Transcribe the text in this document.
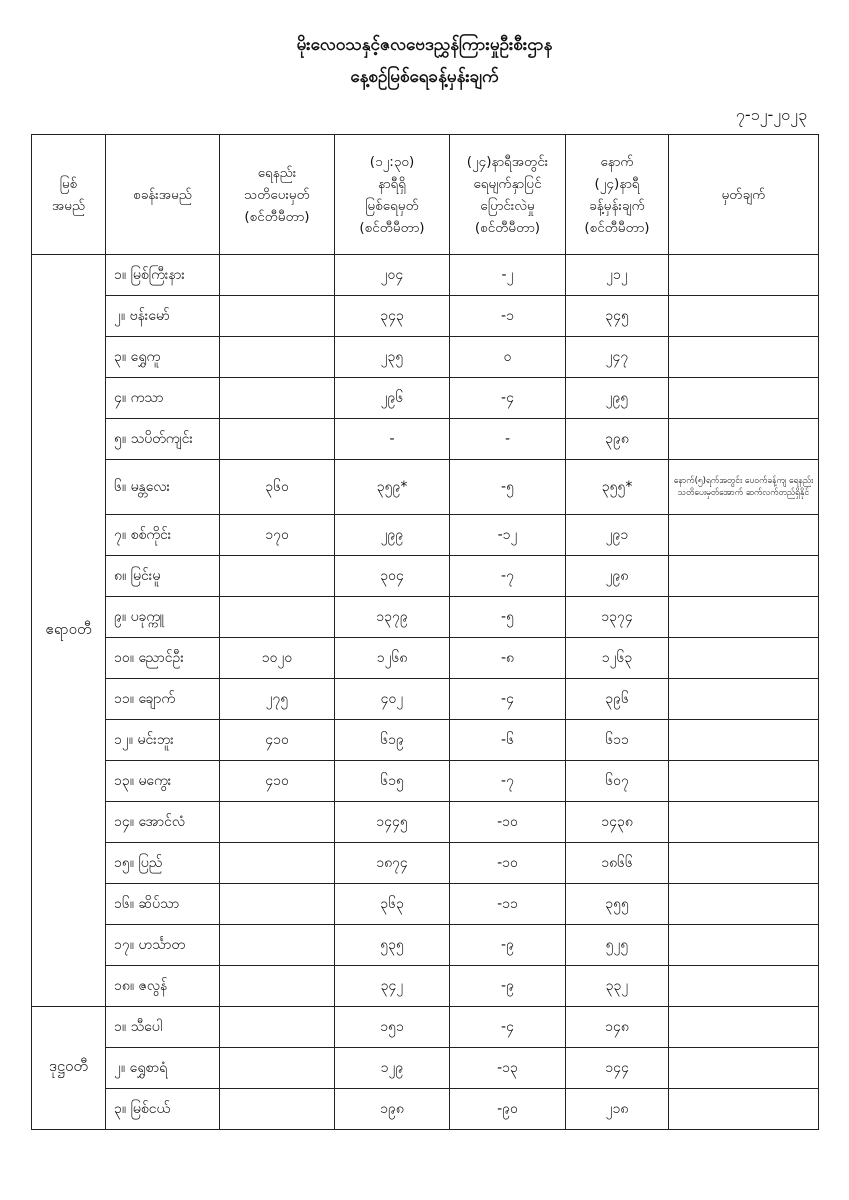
မိုးလေဝသနှင့်ဇလဗေဒညွှန်ကြားမှုဦးစီးဌာန
နေ့စဉ်မြစ်ရေခန့်မှန်းချက်
၇-၁၂-၂၀၂၃
မြစ်
အမည်	စခန်းအမည်	ရေနည်း
သတိပေးမှတ်
(စင်တီမီတာ)	(၁၂:၃၀)
နာရီရှိ
မြစ်ရေမှတ်
(စင်တီမီတာ)	(၂၄)နာရီအတွင်း
ရေမျက်နှာပြင်
ပြောင်းလဲမှု
(စင်တီမီတာ)	နောက်
(၂၄)နာရီ
ခန့်မှန်းချက်
(စင်တီမီတာ)	မှတ်ချက်

ဧရာဝတီ	၁။ မြစ်ကြီးနား		၂၀၄	-၂	၂၁၂	
	၂။ ဗန်းမော်		၃၄၃	-၁	၃၄၅	
	၃။ ရွှေကူ		၂၃၅	၀	၂၄၇	
	၄။ ကသာ		၂၉၆	-၄	၂၉၅	
	၅။ သပိတ်ကျင်း		-	-	၃၉၈	
	၆။ မန္တလေး	၃၆၀	၃၅၉*	-၅	၃၅၅*	နောက်(၅)ရက်အတွင်း ပေ၀က်ခန့်ကျ ရေနည်းသတိပေးမှတ်အောက် ဆက်လက်တည်ရှိနိုင်
	၇။ စစ်ကိုင်း	၁၇၀	၂၉၉	-၁၂	၂၉၁	
	၈။ မြင်းမူ		၃၀၄	-၇	၂၉၈	
	၉။ ပခုက္ကူ		၁၃၇၉	-၅	၁၃၇၄	
	၁၀။ ညောင်ဦး	၁၀၂၀	၁၂၆၈	-၈	၁၂၆၃	
	၁၁။ ချောက်	၂၇၅	၄၀၂	-၄	၃၉၆	
	၁၂။ မင်းဘူး	၄၁၀	၆၁၉	-၆	၆၁၁	
	၁၃။ မကွေး	၄၁၀	၆၁၅	-၇	၆၀၇	
	၁၄။ အောင်လံ		၁၄၄၅	-၁၀	၁၄၃၈	
	၁၅။ ပြည်		၁၈၇၄	-၁၀	၁၈၆၆	
	၁၆။ ဆိပ်သာ		၃၆၃	-၁၁	၃၅၅	
	၁၇။ ဟင်္သာတ		၅၃၅	-၉	၅၂၅	
	၁၈။ ဇလွန်		၃၄၂	-၉	၃၃၂	
ဒုဋ္ဌဝတီ	၁။ သီပေါ		၁၅၁	-၄	၁၄၈	
	၂။ ရွှေစာရံ		၁၂၉	-၁၃	၁၄၄	
	၃။ မြစ်ငယ်		၁၉၈	-၉၀	၂၁၈	
